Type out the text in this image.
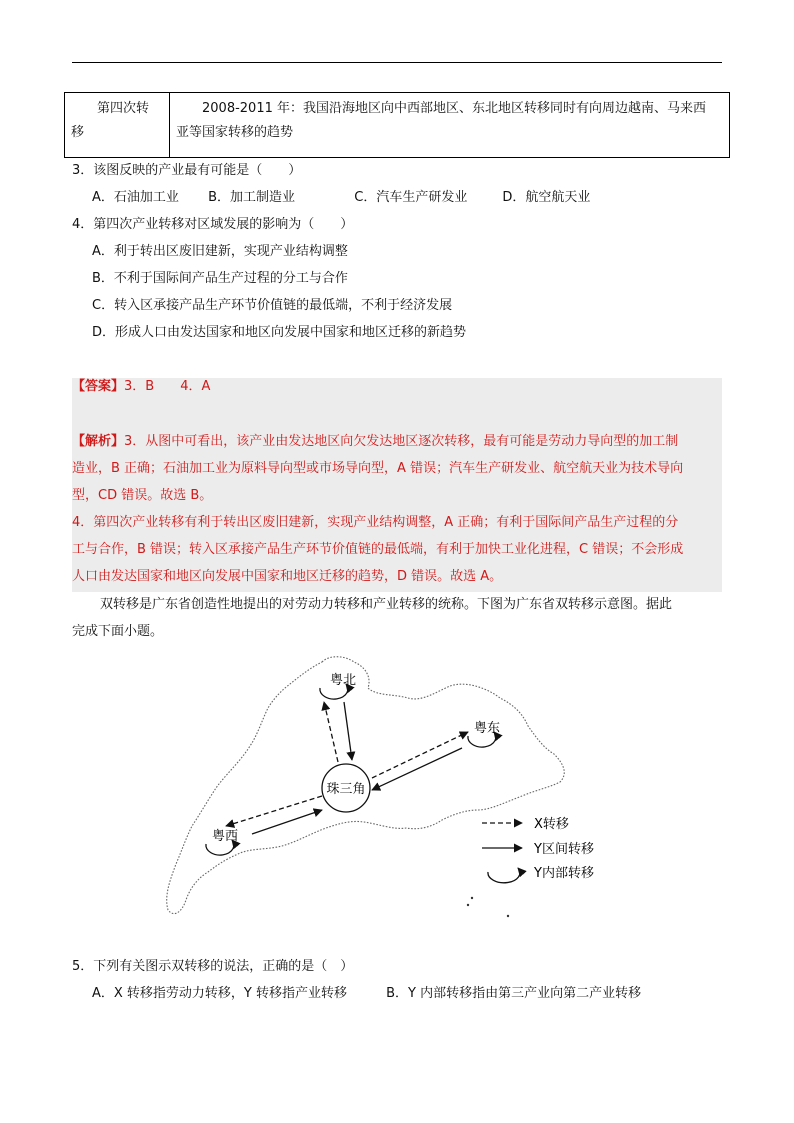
第四次转
移	2008-2011 年：我国沿海地区向中西部地区、东北地区转移同时有向周边越南、马来西
亚等国家转移的趋势
3．该图反映的产业最有可能是（　　）
A．石油加工业 B．加工制造业	C．汽车生产研发业	D．航空航天业
4．第四次产业转移对区域发展的影响为（　　）
A．利于转出区废旧建新，实现产业结构调整
B．不利于国际间产品生产过程的分工与合作
C．转入区承接产品生产环节价值链的最低端，不利于经济发展
D．形成人口由发达国家和地区向发展中国家和地区迁移的新趋势
【答案】3．B　　4．A
【解析】3．从图中可看出，该产业由发达地区向欠发达地区逐次转移，最有可能是劳动力导向型的加工制
造业，B 正确；石油加工业为原料导向型或市场导向型，A 错误；汽车生产研发业、航空航天业为技术导向
型，CD 错误。故选 B。
4．第四次产业转移有利于转出区废旧建新，实现产业结构调整，A 正确；有利于国际间产品生产过程的分
工与合作，B 错误；转入区承接产品生产环节价值链的最低端，有利于加快工业化进程，C 错误；不会形成
人口由发达国家和地区向发展中国家和地区迁移的趋势，D 错误。故选 A。
双转移是广东省创造性地提出的对劳动力转移和产业转移的统称。下图为广东省双转移示意图。据此
完成下面小题。
珠三角
粤北
粤东
粤西
X转移
Y区间转移
Y内部转移
5．下列有关图示双转移的说法，正确的是（　）
A．X 转移指劳动力转移，Y 转移指产业转移	B．Y 内部转移指由第三产业向第二产业转移
